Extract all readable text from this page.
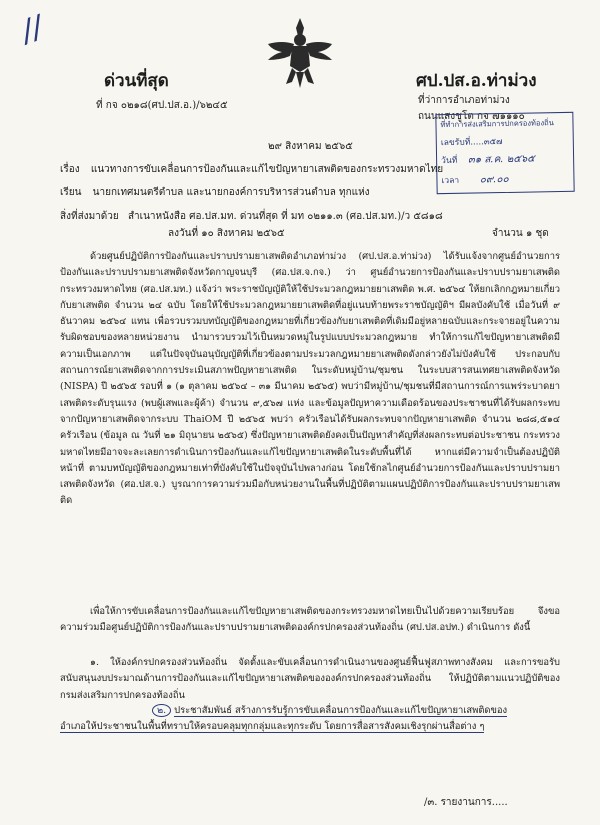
//
ด่วนที่สุด	ศป.ปส.อ.ท่าม่วง
ที่ กจ ๐๒๑๘(ศป.ปส.อ.)/๖๒๔๕	ที่ว่าการอำเภอท่าม่วง
ถนนแสงชูโต กจ ๗๑๑๑๐
ที่ทำการส่งเสริมการปกครองท้องถิ่น
เลขรับที่.....๓๕๗
วันที่ ๓๑ ส.ค. ๒๕๖๕
เวลา ๐๙.๐๐
๒๙ สิงหาคม ๒๕๖๕
เรื่อง แนวทางการขับเคลื่อนการป้องกันและแก้ไขปัญหายาเสพติดของกระทรวงมหาดไทย
เรียน นายกเทศมนตรีตำบล และนายกองค์การบริหารส่วนตำบล ทุกแห่ง
สิ่งที่ส่งมาด้วย สำเนาหนังสือ ศอ.ปส.มท. ด่วนที่สุด ที่ มท ๐๒๑๑.๓ (ศอ.ปส.มท.)/ว ๕๘๑๘
ลงวันที่ ๑๐ สิงหาคม ๒๕๖๕	จำนวน ๑ ชุด

ด้วยศูนย์ปฏิบัติการป้องกันและปราบปรามยาเสพติดอำเภอท่าม่วง (ศป.ปส.อ.ท่าม่วง) ได้รับแจ้งจากศูนย์อำนวยการป้องกันและปราบปรามยาเสพติดจังหวัดกาญจนบุรี (ศอ.ปส.จ.กจ.) ว่า ศูนย์อำนวยการป้องกันและปราบปรามยาเสพติดกระทรวงมหาดไทย (ศอ.ปส.มท.) แจ้งว่า พระราชบัญญัติให้ใช้ประมวลกฎหมายยาเสพติด พ.ศ. ๒๕๖๔ ให้ยกเลิกกฎหมายเกี่ยวกับยาเสพติด จำนวน ๒๔ ฉบับ โดยให้ใช้ประมวลกฎหมายยาเสพติดที่อยู่แนบท้ายพระราชบัญญัติฯ มีผลบังคับใช้ เมื่อวันที่ ๙ ธันวาคม ๒๕๖๔ แทน เพื่อรวบรวมบทบัญญัติของกฎหมายที่เกี่ยวข้องกับยาเสพติดที่เดิมมีอยู่หลายฉบับและกระจายอยู่ในความรับผิดชอบของหลายหน่วยงาน นำมารวบรวมไว้เป็นหมวดหมู่ในรูปแบบประมวลกฎหมาย ทำให้การแก้ไขปัญหายาเสพติดมีความเป็นเอกภาพ แต่ในปัจจุบันอนุบัญญัติที่เกี่ยวข้องตามประมวลกฎหมายยาเสพติดดังกล่าวยังไม่บังคับใช้ ประกอบกับสถานการณ์ยาเสพติดจากการประเมินสภาพปัญหายาเสพติด ในระดับหมู่บ้าน/ชุมชน ในระบบสารสนเทศยาเสพติดจังหวัด (NISPA) ปี ๒๕๖๕ รอบที่ ๑ (๑ ตุลาคม ๒๕๖๔ – ๓๑ มีนาคม ๒๕๖๕) พบว่ามีหมู่บ้าน/ชุมชนที่มีสถานการณ์การแพร่ระบาดยาเสพติดระดับรุนแรง (พบผู้เสพและผู้ค้า) จำนวน ๙,๕๖๗ แห่ง และข้อมูลปัญหาความเดือดร้อนของประชาชนที่ได้รับผลกระทบจากปัญหายาเสพติดจากระบบ ThaiOM ปี ๒๕๖๕ พบว่า ครัวเรือนได้รับผลกระทบจากปัญหายาเสพติด จำนวน ๒๘๘,๕๑๔ ครัวเรือน (ข้อมูล ณ วันที่ ๒๑ มิถุนายน ๒๕๖๕) ซึ่งปัญหายาเสพติดยังคงเป็นปัญหาสำคัญที่ส่งผลกระทบต่อประชาชน กระทรวงมหาดไทยมีอาจจะละเลยการดำเนินการป้องกันและแก้ไขปัญหายาเสพติดในระดับพื้นที่ได้ หากแต่มีความจำเป็นต้องปฏิบัติหน้าที่ ตามบทบัญญัติของกฎหมายเท่าที่บังคับใช้ในปัจจุบันไปพลางก่อน โดยใช้กลไกศูนย์อำนวยการป้องกันและปราบปรามยาเสพติดจังหวัด (ศอ.ปส.จ.) บูรณาการความร่วมมือกับหน่วยงานในพื้นที่ปฏิบัติตามแผนปฏิบัติการป้องกันและปราบปรามยาเสพติด

เพื่อให้การขับเคลื่อนการป้องกันและแก้ไขปัญหายาเสพติดของกระทรวงมหาดไทยเป็นไปด้วยความเรียบร้อย จึงขอความร่วมมือศูนย์ปฏิบัติการป้องกันและปราบปรามยาเสพติดองค์กรปกครองส่วนท้องถิ่น (ศป.ปส.อปท.) ดำเนินการ ดังนี้

๑. ให้องค์กรปกครองส่วนท้องถิ่น จัดตั้งและขับเคลื่อนการดำเนินงานของศูนย์ฟื้นฟูสภาพทางสังคม และการขอรับสนับสนุนงบประมาณด้านการป้องกันและแก้ไขปัญหายาเสพติดขององค์กรปกครองส่วนท้องถิ่น ให้ปฏิบัติตามแนวปฏิบัติของกรมส่งเสริมการปกครองท้องถิ่น

๒. ประชาสัมพันธ์ สร้างการรับรู้การขับเคลื่อนการป้องกันและแก้ไขปัญหายาเสพติดของ
อำเภอให้ประชาชนในพื้นที่ทราบให้ครอบคลุมทุกกลุ่มและทุกระดับ โดยการสื่อสารสังคมเชิงรุกผ่านสื่อต่าง ๆ
/๓. รายงานการ.....
